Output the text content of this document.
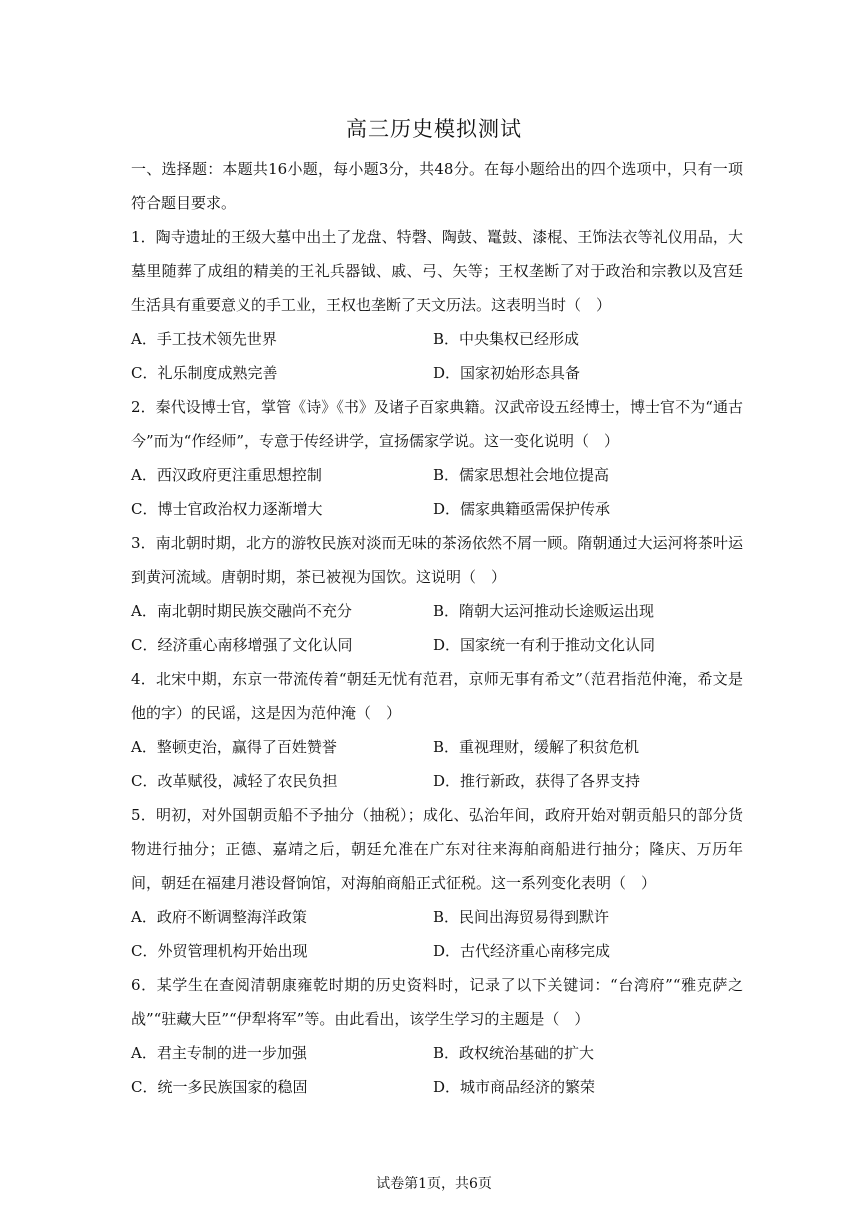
高三历史模拟测试

一、选择题：本题共16小题，每小题3分，共48分。在每小题给出的四个选项中，只有一项符合题目要求。

1．陶寺遗址的王级大墓中出土了龙盘、特磬、陶鼓、鼍鼓、漆棍、王饰法衣等礼仪用品，大墓里随葬了成组的精美的王礼兵器钺、戚、弓、矢等；王权垄断了对于政治和宗教以及宫廷生活具有重要意义的手工业，王权也垄断了天文历法。这表明当时（　）

A．手工技术领先世界	B．中央集权已经形成
C．礼乐制度成熟完善	D．国家初始形态具备

2．秦代设博士官，掌管《诗》《书》及诸子百家典籍。汉武帝设五经博士，博士官不为“通古今”而为“作经师”，专意于传经讲学，宣扬儒家学说。这一变化说明（　）

A．西汉政府更注重思想控制	B．儒家思想社会地位提高
C．博士官政治权力逐渐增大	D．儒家典籍亟需保护传承

3．南北朝时期，北方的游牧民族对淡而无味的茶汤依然不屑一顾。隋朝通过大运河将茶叶运到黄河流域。唐朝时期，茶已被视为国饮。这说明（　）

A．南北朝时期民族交融尚不充分	B．隋朝大运河推动长途贩运出现
C．经济重心南移增强了文化认同	D．国家统一有利于推动文化认同

4．北宋中期，东京一带流传着“朝廷无忧有范君，京师无事有希文”（范君指范仲淹，希文是他的字）的民谣，这是因为范仲淹（　）

A．整顿吏治，赢得了百姓赞誉	B．重视理财，缓解了积贫危机
C．改革赋役，减轻了农民负担	D．推行新政，获得了各界支持

5．明初，对外国朝贡船不予抽分（抽税）；成化、弘治年间，政府开始对朝贡船只的部分货物进行抽分；正德、嘉靖之后，朝廷允准在广东对往来海舶商船进行抽分；隆庆、万历年间，朝廷在福建月港设督饷馆，对海舶商船正式征税。这一系列变化表明（　）

A．政府不断调整海洋政策	B．民间出海贸易得到默许
C．外贸管理机构开始出现	D．古代经济重心南移完成

6．某学生在查阅清朝康雍乾时期的历史资料时，记录了以下关键词：“台湾府”“雅克萨之战”“驻藏大臣”“伊犁将军”等。由此看出，该学生学习的主题是（　）

A．君主专制的进一步加强	B．政权统治基础的扩大
C．统一多民族国家的稳固	D．城市商品经济的繁荣
试卷第1页，共6页
